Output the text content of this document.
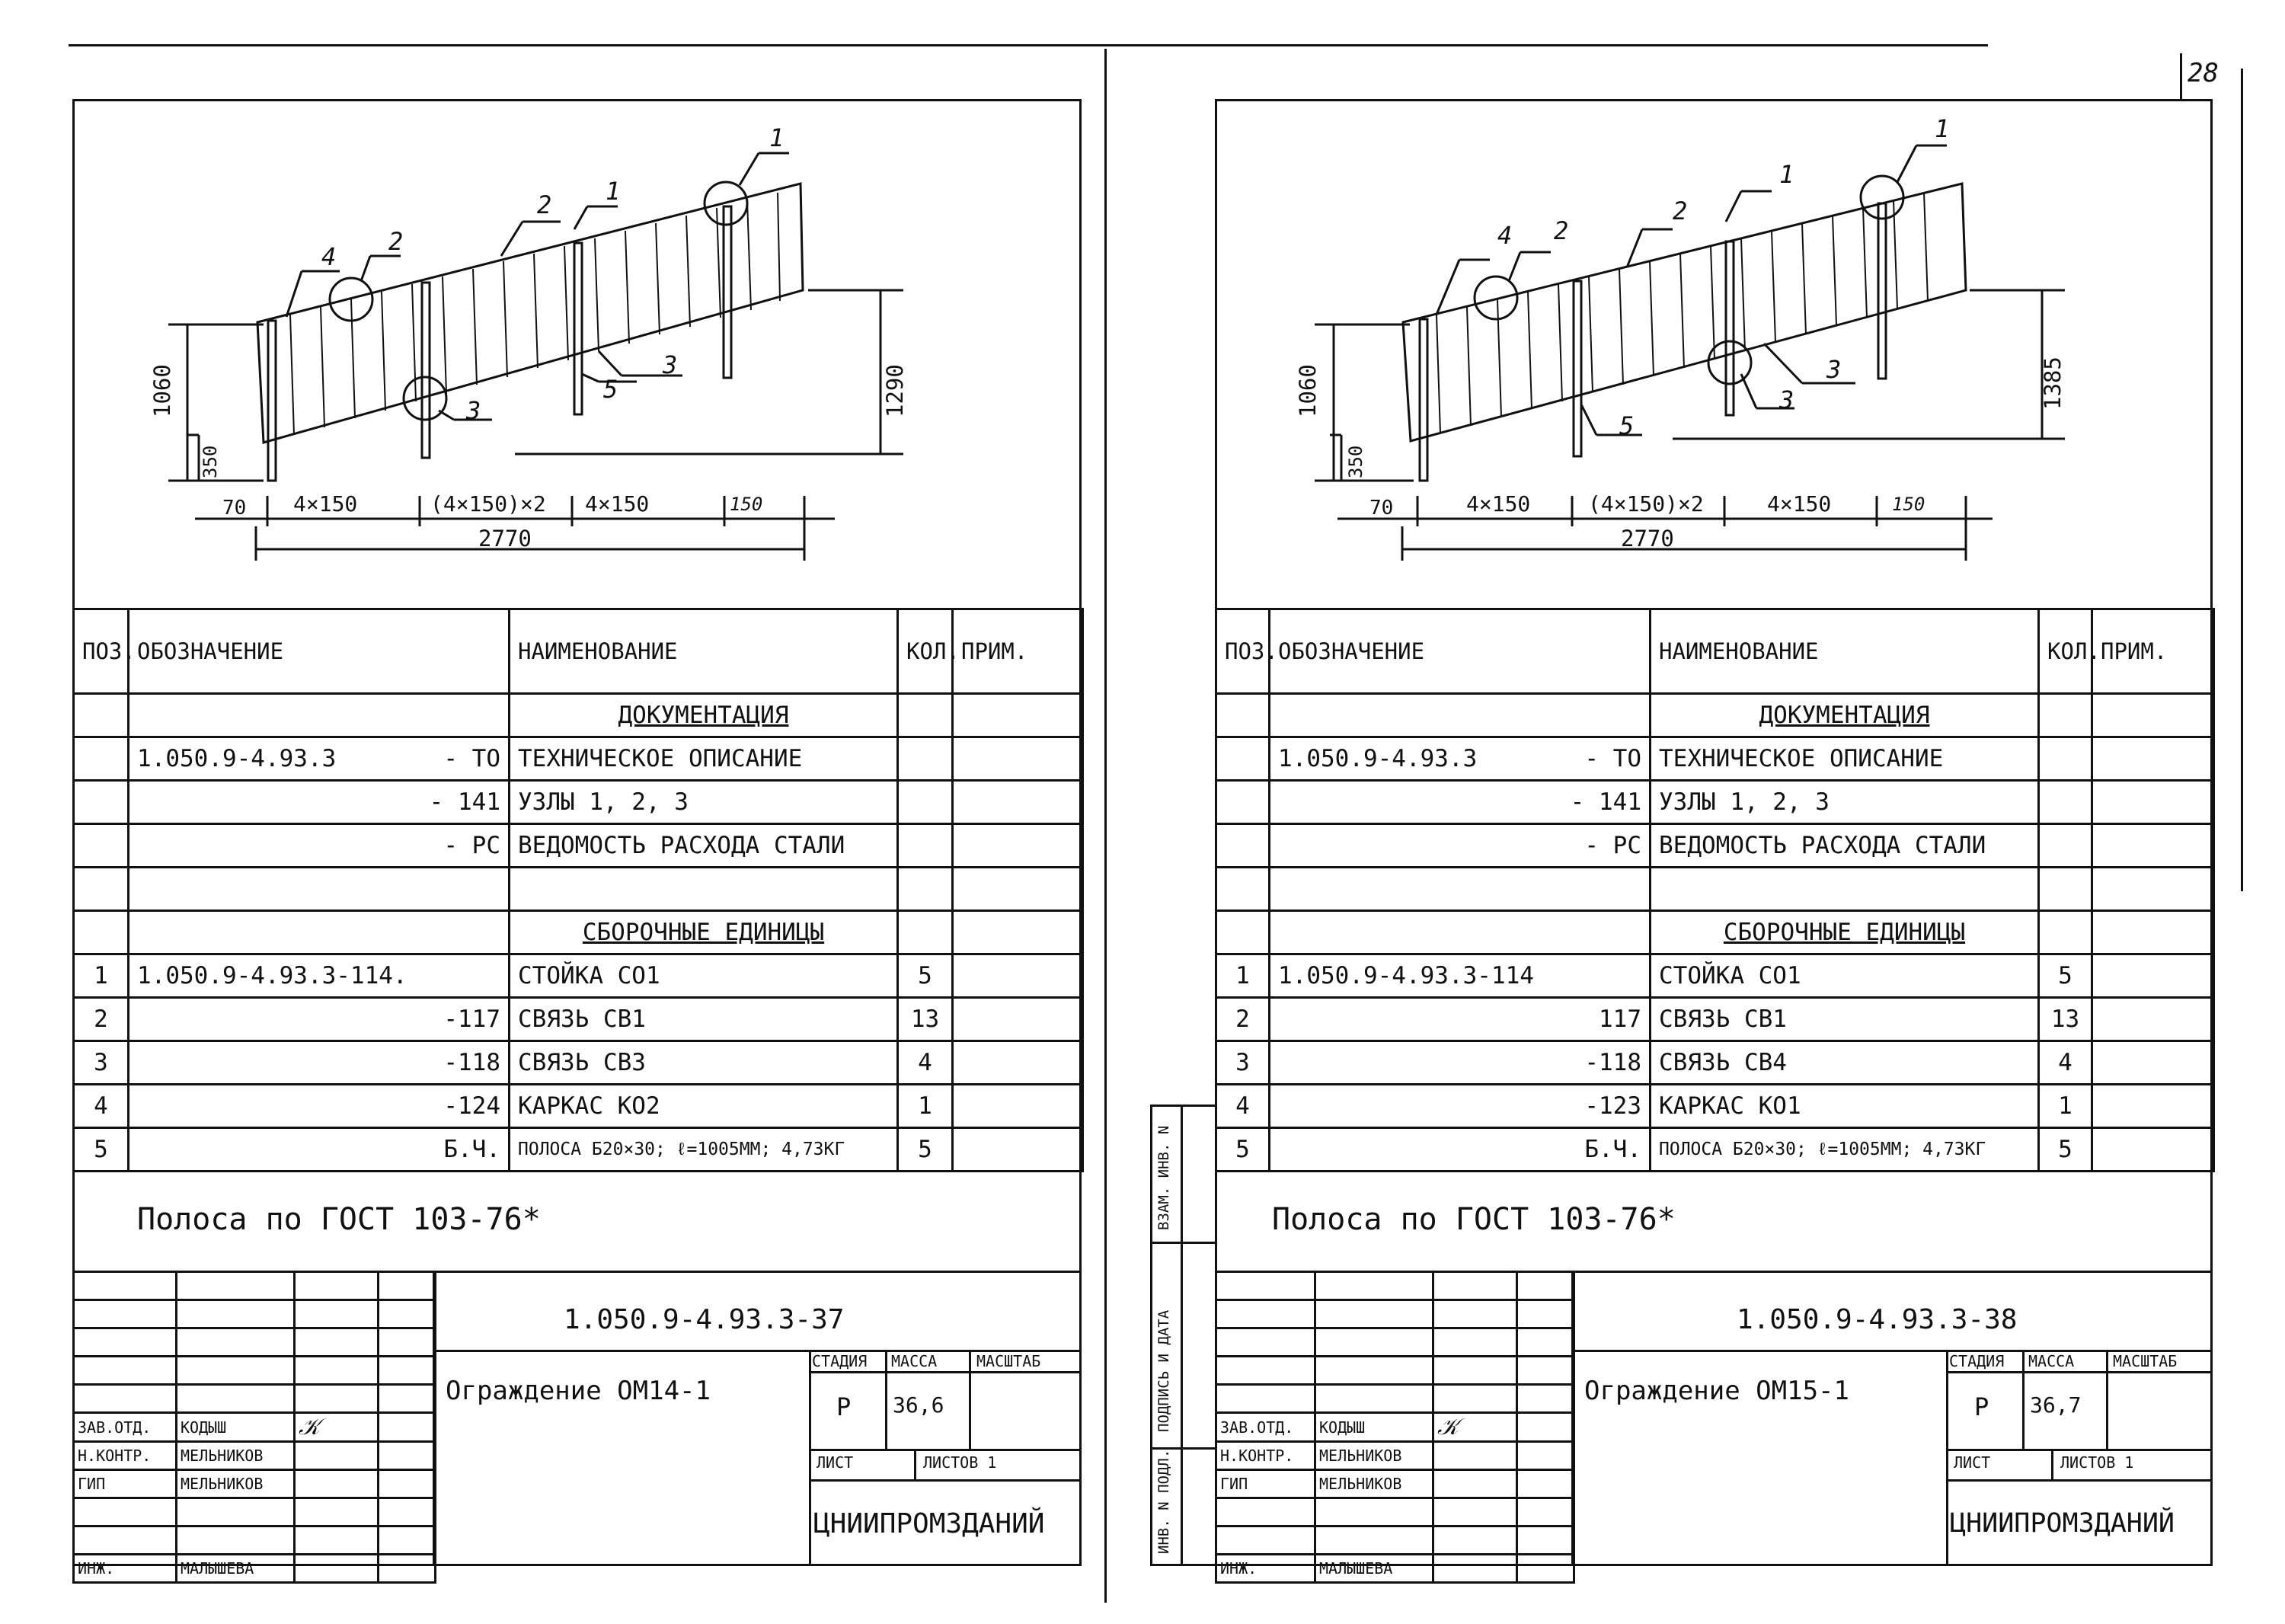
28
1060
350
1290
70 4×150	(4×150)×2 4×150	150
2770
1
2 1
2
4
3
5
3
ПОЗ.	ОБОЗНАЧЕНИЕ	НАИМЕНОВАНИЕ	КОЛ.	ПРИМ.
		ДОКУМЕНТАЦИЯ		
	1.050.9-4.93.3 - ТО	ТЕХНИЧЕСКОЕ ОПИСАНИЕ		
	- 141	УЗЛЫ 1, 2, 3		
	- РС	ВЕДОМОСТЬ РАСХОДА СТАЛИ		

		СБОРОЧНЫЕ ЕДИНИЦЫ		
1	1.050.9-4.93.3-114.	СТОЙКА СО1	5	
2	-117	СВЯЗЬ СВ1	13	
3	-118	СВЯЗЬ СВ3	4	
4	-124	КАРКАС КО2	1	
5	Б.Ч.	ПОЛОСА Б20×30; ℓ=1005ММ; 4,73КГ	5	
Полоса по ГОСТ 103-76*

ЗАВ.ОТД.	КОДЫШ	𝒦	
Н.КОНТР.	МЕЛЬНИКОВ		
ГИП	МЕЛЬНИКОВ		

ИНЖ.	МАЛЫШЕВА		
1.050.9-4.93.3-37
Ограждение ОМ14-1
СТАДИЯ МАССА	МАСШТАБ
Р 36,6
ЛИСТ	ЛИСТОВ 1
ЦНИИПРОМЗДАНИЙ	ИНВ. N ПОДЛ.
ПОДПИСЬ И ДАТА
ВЗАМ. ИНВ. N
1060
350
1385
70	4×150	(4×150)×2	4×150	150
2770
1
1
2
2
4
3
5
3
ПОЗ.	ОБОЗНАЧЕНИЕ	НАИМЕНОВАНИЕ	КОЛ.	ПРИМ.
		ДОКУМЕНТАЦИЯ		
	1.050.9-4.93.3 - ТО	ТЕХНИЧЕСКОЕ ОПИСАНИЕ		
	- 141	УЗЛЫ 1, 2, 3		
	- РС	ВЕДОМОСТЬ РАСХОДА СТАЛИ		

		СБОРОЧНЫЕ ЕДИНИЦЫ		
1	1.050.9-4.93.3-114	СТОЙКА СО1	5	
2	117	СВЯЗЬ СВ1	13	
3	-118	СВЯЗЬ СВ4	4	
4	-123	КАРКАС КО1	1	
5	Б.Ч.	ПОЛОСА Б20×30; ℓ=1005ММ; 4,73КГ	5	
Полоса по ГОСТ 103-76*

ЗАВ.ОТД.	КОДЫШ	𝒦	
Н.КОНТР.	МЕЛЬНИКОВ		
ГИП	МЕЛЬНИКОВ		

ИНЖ.	МАЛЫШЕВА		
1.050.9-4.93.3-38
Ограждение ОМ15-1
СТАДИЯ МАССА	МАСШТАБ
Р 36,7
ЛИСТ	ЛИСТОВ 1
ЦНИИПРОМЗДАНИЙ
